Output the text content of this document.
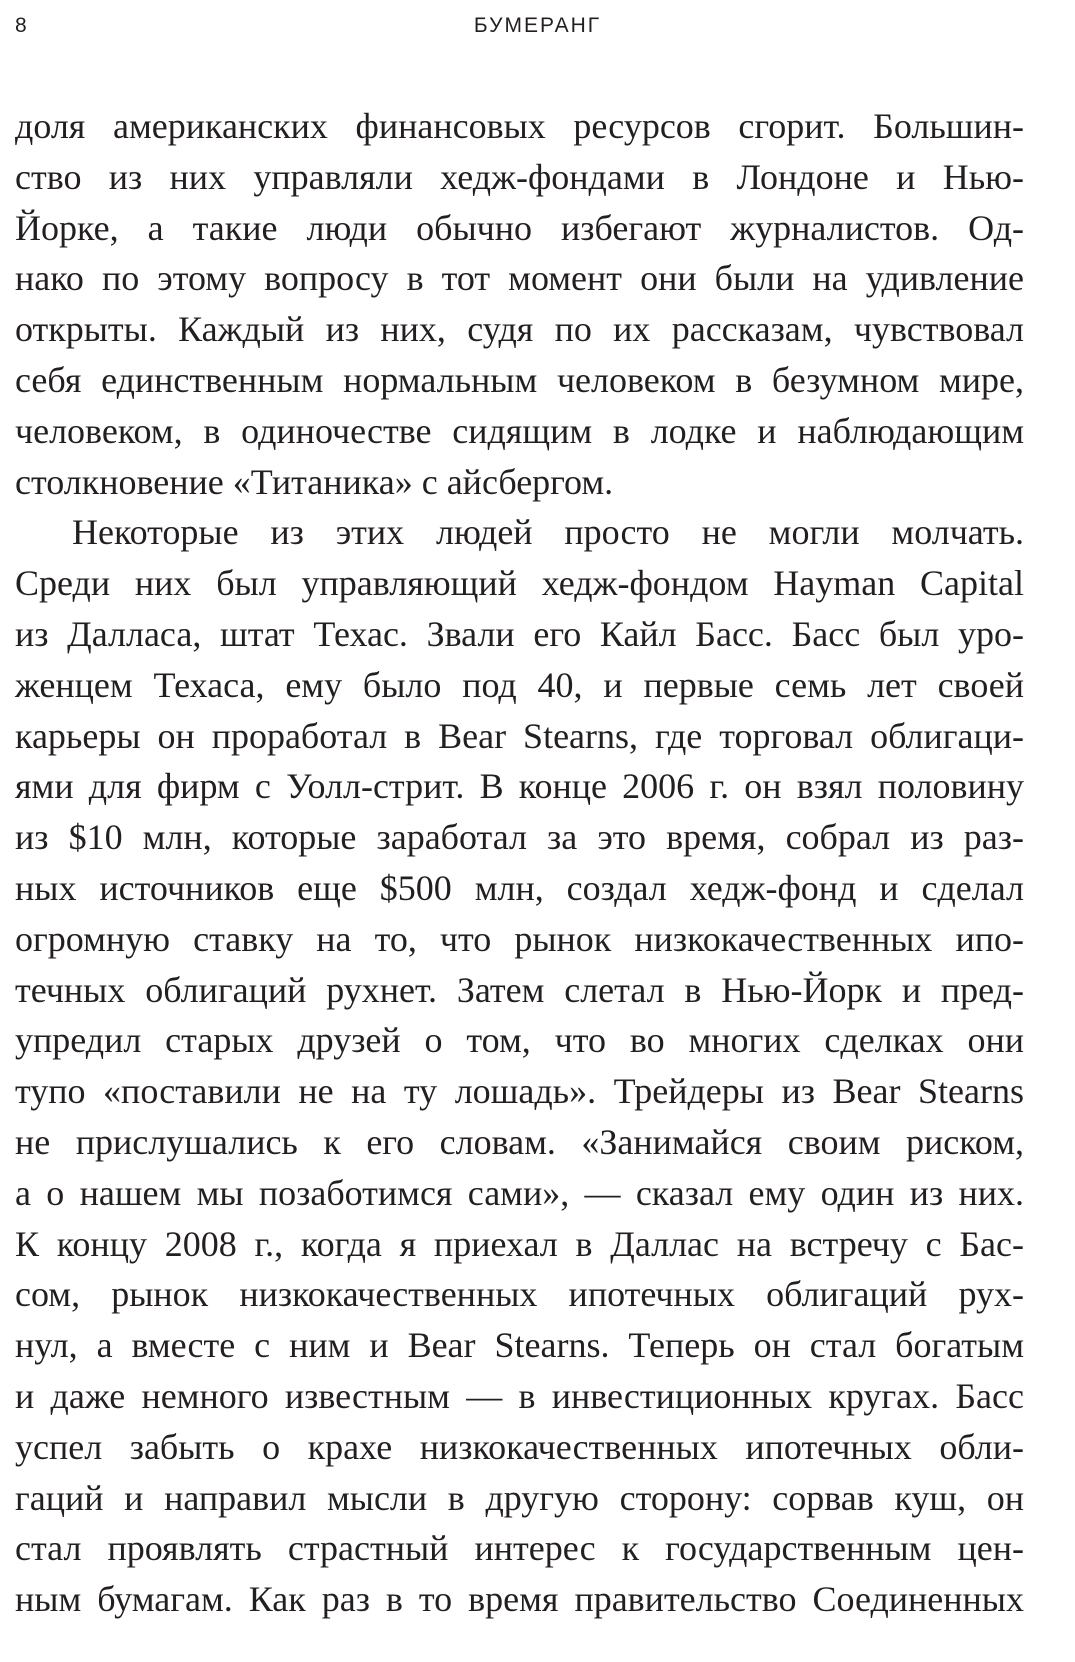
8	БУМЕРАНГ
доля американских финансовых ресурсов сгорит. Большин-
ство из них управляли хедж-фондами в Лондоне и Нью-
Йорке, а такие люди обычно избегают журналистов. Од-
нако по этому вопросу в тот момент они были на удивление
открыты. Каждый из них, судя по их рассказам, чувствовал
себя единственным нормальным человеком в безумном мире,
человеком, в одиночестве сидящим в лодке и наблюдающим
столкновение «Титаника» с айсбергом.
Некоторые из этих людей просто не могли молчать.
Среди них был управляющий хедж-фондом Hayman Capital
из Далласа, штат Техас. Звали его Кайл Басс. Басс был уро-
женцем Техаса, ему было под 40, и первые семь лет своей
карьеры он проработал в Bear Stearns, где торговал облигаци-
ями для фирм с Уолл-стрит. В конце 2006 г. он взял половину
из $10 млн, которые заработал за это время, собрал из раз-
ных источников еще $500 млн, создал хедж-фонд и сделал
огромную ставку на то, что рынок низкокачественных ипо-
течных облигаций рухнет. Затем слетал в Нью-Йорк и пред-
упредил старых друзей о том, что во многих сделках они
тупо «поставили не на ту лошадь». Трейдеры из Bear Stearns
не прислушались к его словам. «Занимайся своим риском,
а о нашем мы позаботимся сами», — сказал ему один из них.
К концу 2008 г., когда я приехал в Даллас на встречу с Бас-
сом, рынок низкокачественных ипотечных облигаций рух-
нул, а вместе с ним и Bear Stearns. Теперь он стал богатым
и даже немного известным — в инвестиционных кругах. Басс
успел забыть о крахе низкокачественных ипотечных обли-
гаций и направил мысли в другую сторону: сорвав куш, он
стал проявлять страстный интерес к государственным цен-
ным бумагам. Как раз в то время правительство Соединенных
